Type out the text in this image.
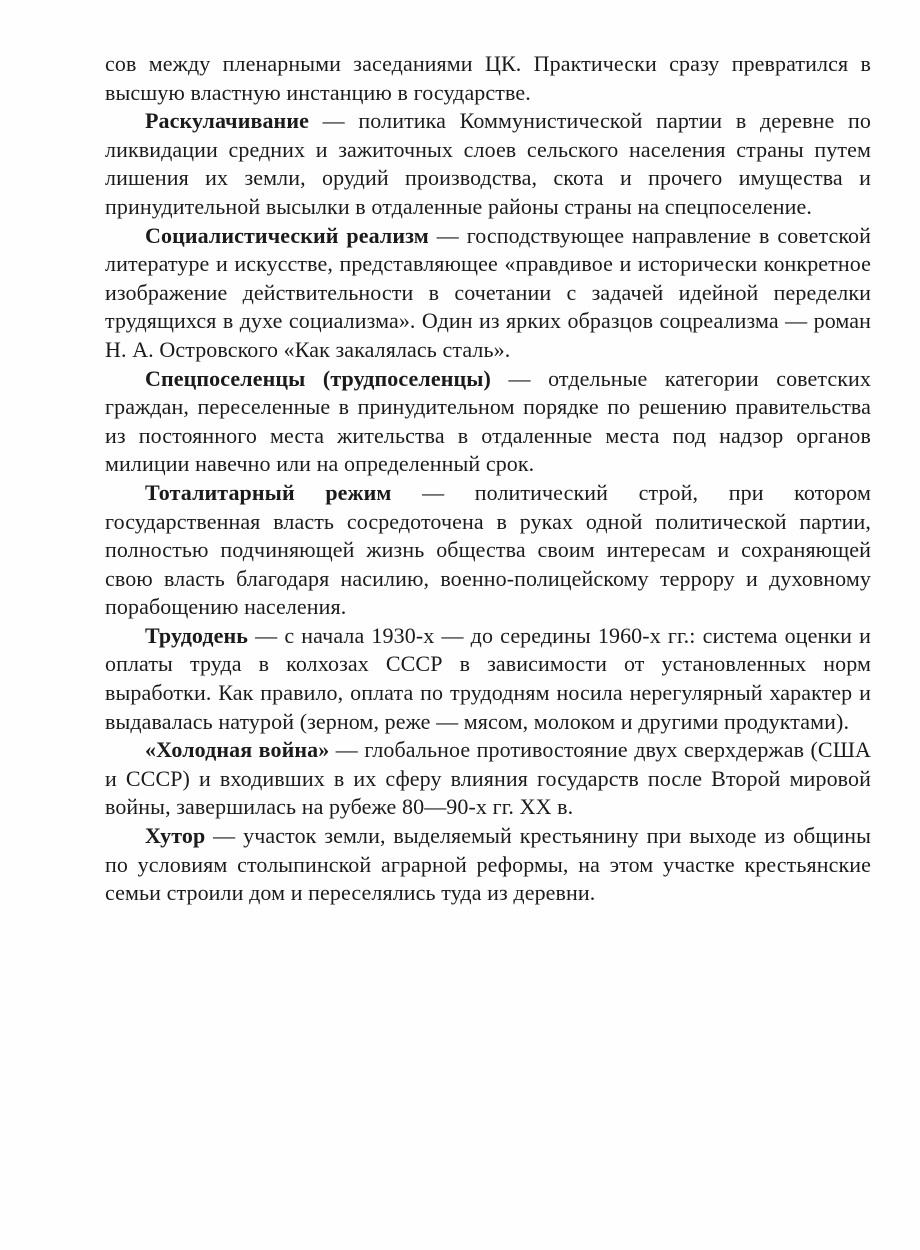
сов между пленарными заседаниями ЦК. Практически сразу превратился в высшую властную инстанцию в государстве.

Раскулачивание — политика Коммунистической партии в деревне по ликвидации средних и зажиточных слоев сельского населения страны путем лишения их земли, орудий производства, скота и прочего имущества и принудительной высылки в отдаленные районы страны на спецпоселение.

Социалистический реализм — господствующее направление в советской литературе и искусстве, представляющее «правдивое и исторически конкретное изображение действительности в сочетании с задачей идейной переделки трудящихся в духе социализма». Один из ярких образцов соцреализма — роман Н. А. Островского «Как закалялась сталь».

Спецпоселенцы (трудпоселенцы) — отдельные категории советских граждан, переселенные в принудительном порядке по решению правительства из постоянного места жительства в отдаленные места под надзор органов милиции навечно или на определенный срок.

Тоталитарный режим — политический строй, при котором государственная власть сосредоточена в руках одной политической партии, полностью подчиняющей жизнь общества своим интересам и сохраняющей свою власть благодаря насилию, военно-полицейскому террору и духовному порабощению населения.

Трудодень — с начала 1930-х — до середины 1960-х гг.: система оценки и оплаты труда в колхозах СССР в зависимости от установленных норм выработки. Как правило, оплата по трудодням носила нерегулярный характер и выдавалась натурой (зерном, реже — мясом, молоком и другими продуктами).

«Холодная война» — глобальное противостояние двух сверхдержав (США и СССР) и входивших в их сферу влияния государств после Второй мировой войны, завершилась на рубеже 80—90-х гг. XX в.

Хутор — участок земли, выделяемый крестьянину при выходе из общины по условиям столыпинской аграрной реформы, на этом участке крестьянские семьи строили дом и переселялись туда из деревни.
